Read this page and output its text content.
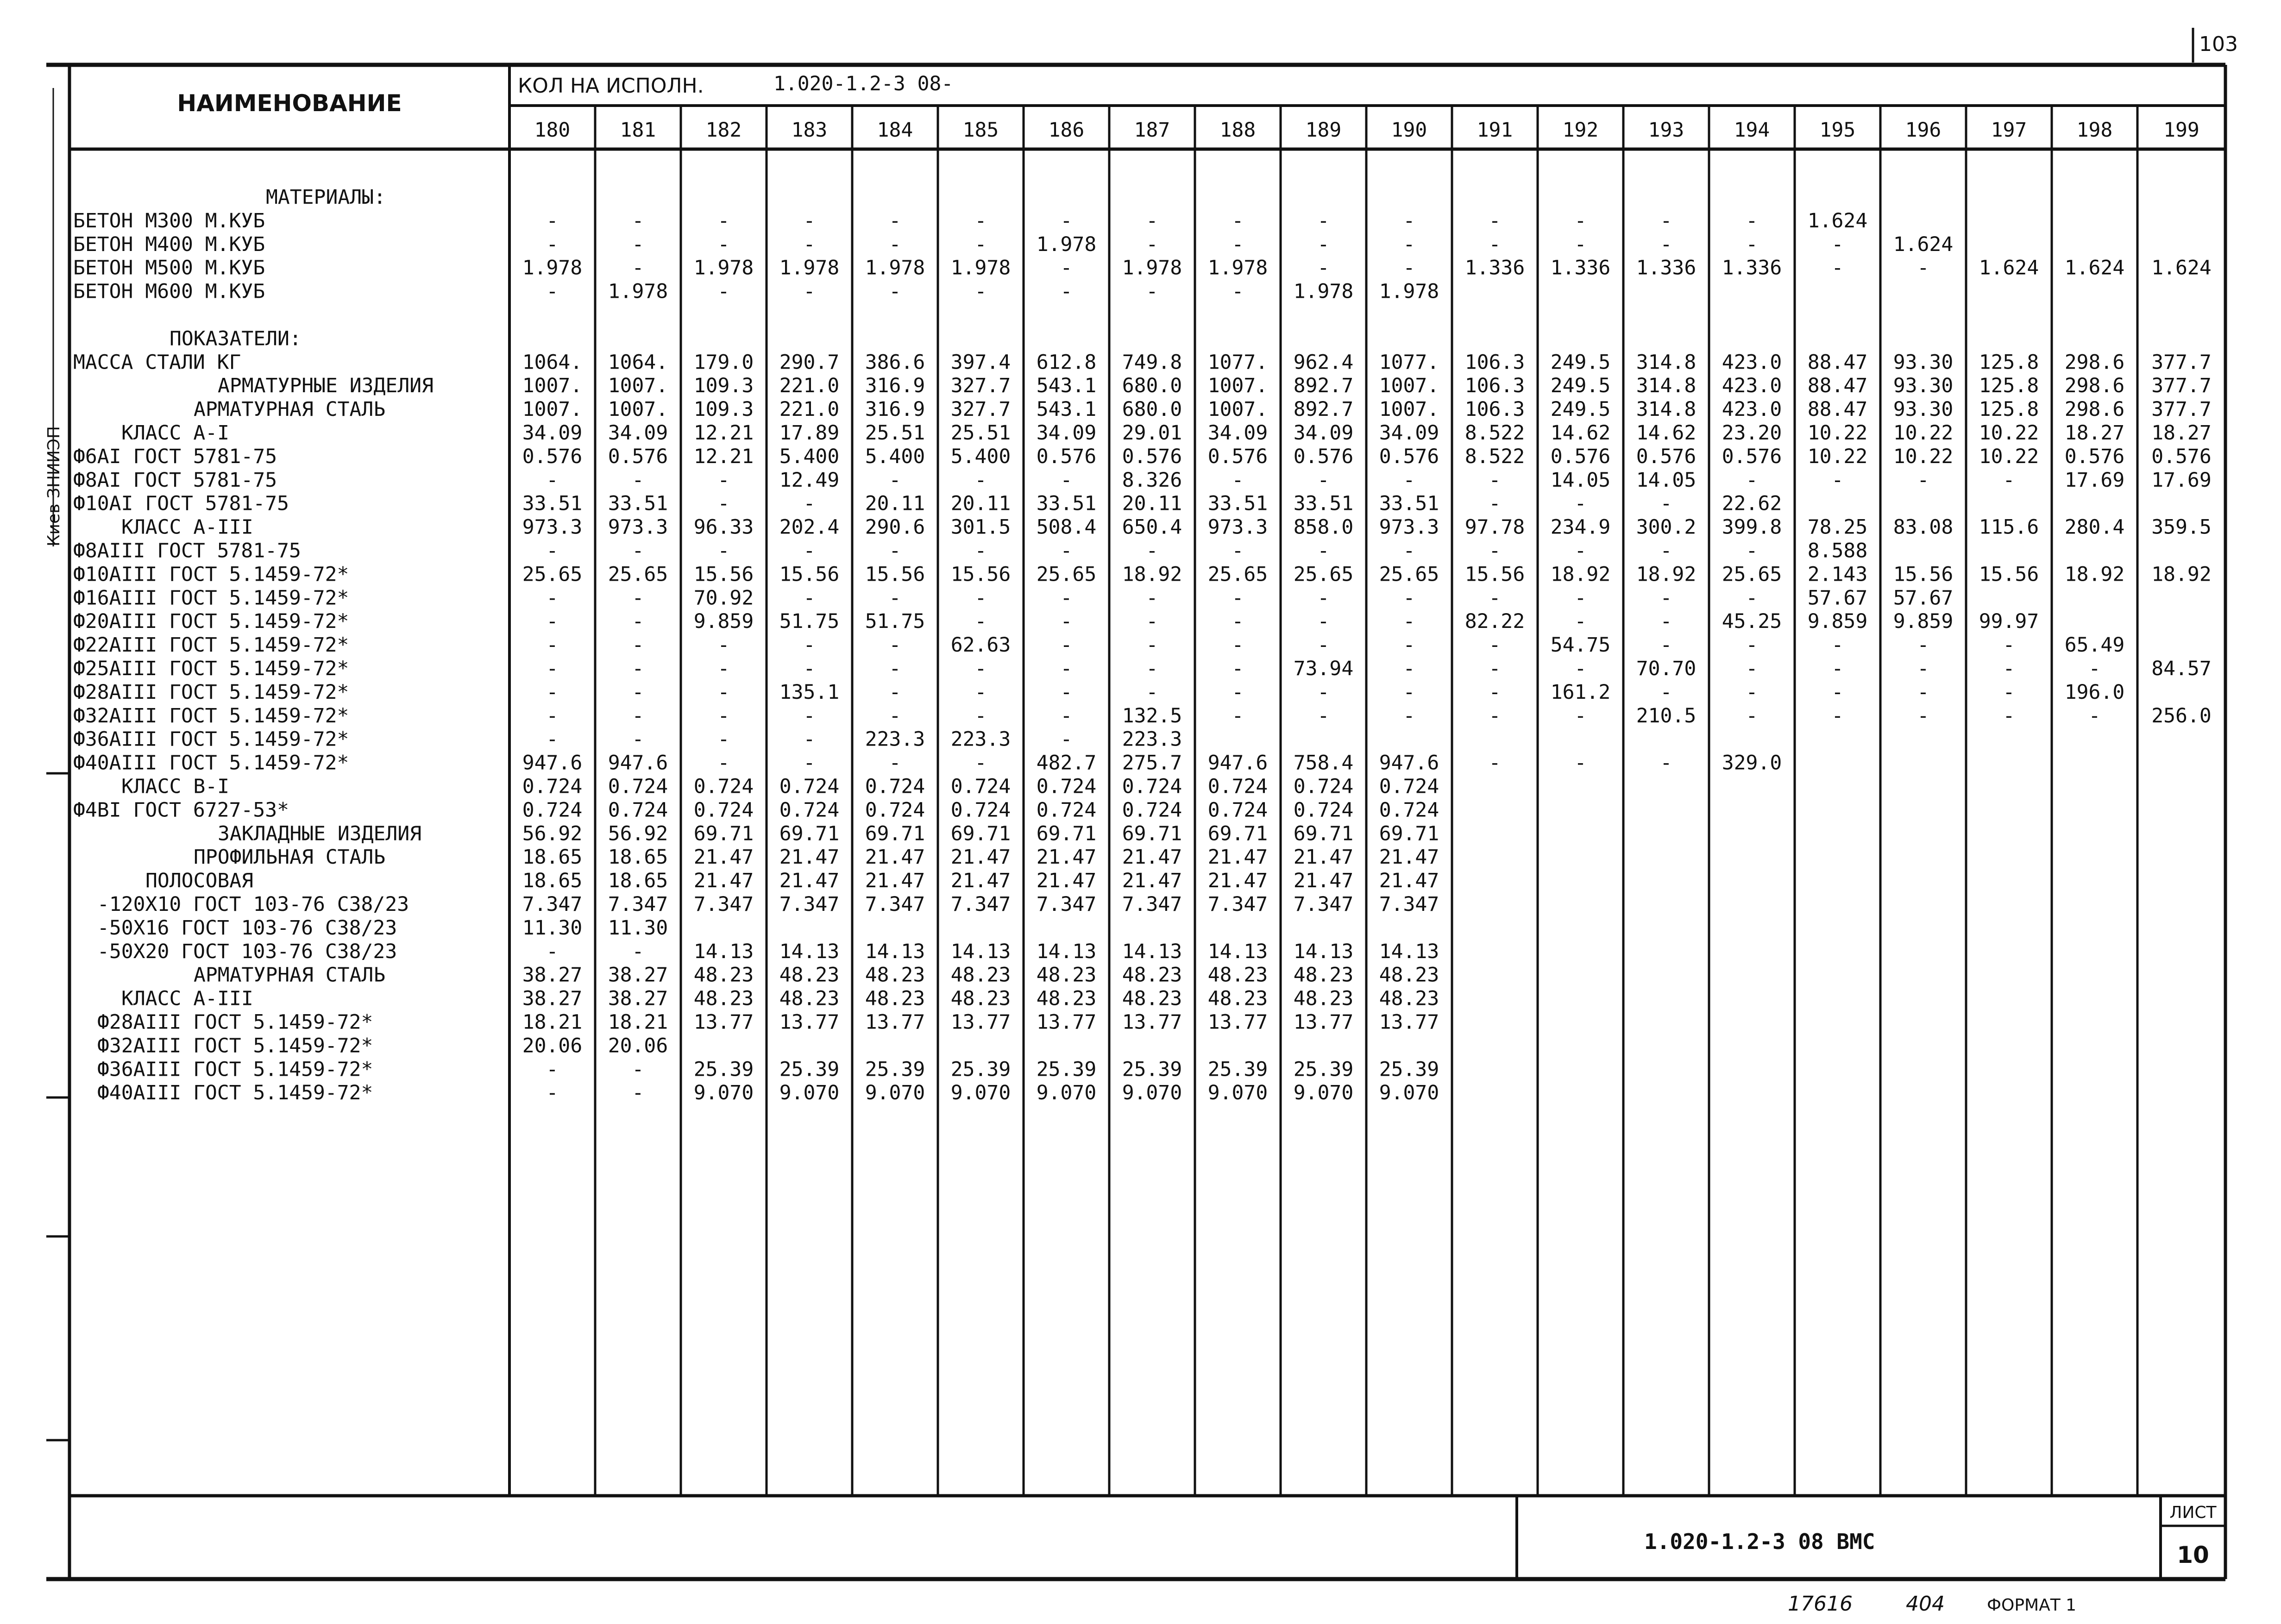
103
Киев ЗНИИЭП
НАИМЕНОВАНИЕ
КОЛ НА ИСПОЛН.	1.020-1.2-3 08-
180 181 182 183 184 185 186 187 188 189 190 191 192 193 194 195 196 197 198	199
МАТЕРИАЛЫ:
БЕТОН М300 М.КУБ	-	-	-	-	-	-	-	-	-	-	-	-	-	-	- 1.624
БЕТОН М400 М.КУБ	-	-	-	-	-	- 1.978 -	-	-	-	-	-	-	-	- 1.624
БЕТОН М500 М.КУБ	1.978 - 1.978 1.978 1.978 1.978 - 1.978 1.978 -	- 1.336 1.336 1.336 1.336 -	- 1.624 1.624 1.624
БЕТОН М600 М.КУБ	- 1.978 -	-	-	-	-	-	- 1.978 1.978
ПОКАЗАТЕЛИ:
МАССА СТАЛИ КГ	1064. 1064. 179.0 290.7 386.6 397.4 612.8 749.8 1077. 962.4 1077. 106.3 249.5 314.8 423.0 88.47 93.30 125.8 298.6 377.7
АРМАТУРНЫЕ ИЗДЕЛИЯ	1007. 1007. 109.3 221.0 316.9 327.7 543.1 680.0 1007. 892.7 1007. 106.3 249.5 314.8 423.0 88.47 93.30 125.8 298.6 377.7
АРМАТУРНАЯ СТАЛЬ	1007. 1007. 109.3 221.0 316.9 327.7 543.1 680.0 1007. 892.7 1007. 106.3 249.5 314.8 423.0 88.47 93.30 125.8 298.6 377.7
КЛАСС А-I	34.09 34.09 12.21 17.89 25.51 25.51 34.09 29.01 34.09 34.09 34.09 8.522 14.62 14.62 23.20 10.22 10.22 10.22 18.27 18.27
Ф6АI ГОСТ 5781-75	0.576 0.576 12.21 5.400 5.400 5.400 0.576 0.576 0.576 0.576 0.576 8.522 0.576 0.576 0.576 10.22 10.22 10.22 0.576 0.576
Ф8АI ГОСТ 5781-75	-	-	- 12.49 -	-	- 8.326 -	-	-	- 14.05 14.05 -	-	-	- 17.69 17.69
Ф10АI ГОСТ 5781-75	33.51 33.51 -	- 20.11 20.11 33.51 20.11 33.51 33.51 33.51 -	-	- 22.62
КЛАСС А-III	973.3 973.3 96.33 202.4 290.6 301.5 508.4 650.4 973.3 858.0 973.3 97.78 234.9 300.2 399.8 78.25 83.08 115.6 280.4 359.5
Ф8АIII ГОСТ 5781-75	-	-	-	-	-	-	-	-	-	-	-	-	-	-	- 8.588
Ф10АIII ГОСТ 5.1459-72*	25.65 25.65 15.56 15.56 15.56 15.56 25.65 18.92 25.65 25.65 25.65 15.56 18.92 18.92 25.65 2.143 15.56 15.56 18.92 18.92
Ф16АIII ГОСТ 5.1459-72*	-	- 70.92 -	-	-	-	-	-	-	-	-	-	-	- 57.67 57.67
Ф20АIII ГОСТ 5.1459-72*	-	- 9.859 51.75 51.75 -	-	-	-	-	- 82.22 -	- 45.25 9.859 9.859 99.97
Ф22АIII ГОСТ 5.1459-72*	-	-	-	-	- 62.63 -	-	-	-	-	- 54.75 -	-	-	-	- 65.49
Ф25АIII ГОСТ 5.1459-72*	-	-	-	-	-	-	-	-	- 73.94 -	-	- 70.70 -	-	-	-	-	84.57
Ф28АIII ГОСТ 5.1459-72*	-	-	- 135.1 -	-	-	-	-	-	-	- 161.2 -	-	-	-	- 196.0
Ф32АIII ГОСТ 5.1459-72*	-	-	-	-	-	-	- 132.5 -	-	-	-	- 210.5 -	-	-	-	-	256.0
Ф36АIII ГОСТ 5.1459-72*	-	-	-	- 223.3 223.3 - 223.3
Ф40АIII ГОСТ 5.1459-72*	947.6 947.6 -	-	-	- 482.7 275.7 947.6 758.4 947.6 -	-	- 329.0
КЛАСС В-I	0.724 0.724 0.724 0.724 0.724 0.724 0.724 0.724 0.724 0.724 0.724
Ф4ВI ГОСТ 6727-53*	0.724 0.724 0.724 0.724 0.724 0.724 0.724 0.724 0.724 0.724 0.724
ЗАКЛАДНЫЕ ИЗДЕЛИЯ	56.92 56.92 69.71 69.71 69.71 69.71 69.71 69.71 69.71 69.71 69.71
ПРОФИЛЬНАЯ СТАЛЬ	18.65 18.65 21.47 21.47 21.47 21.47 21.47 21.47 21.47 21.47 21.47
ПОЛОСОВАЯ	18.65 18.65 21.47 21.47 21.47 21.47 21.47 21.47 21.47 21.47 21.47
-120Х10 ГОСТ 103-76 С38/23	7.347 7.347 7.347 7.347 7.347 7.347 7.347 7.347 7.347 7.347 7.347
-50Х16 ГОСТ 103-76 С38/23	11.30 11.30
-50Х20 ГОСТ 103-76 С38/23	-	- 14.13 14.13 14.13 14.13 14.13 14.13 14.13 14.13 14.13
АРМАТУРНАЯ СТАЛЬ	38.27 38.27 48.23 48.23 48.23 48.23 48.23 48.23 48.23 48.23 48.23
КЛАСС А-III	38.27 38.27 48.23 48.23 48.23 48.23 48.23 48.23 48.23 48.23 48.23
Ф28АIII ГОСТ 5.1459-72*	18.21 18.21 13.77 13.77 13.77 13.77 13.77 13.77 13.77 13.77 13.77
Ф32АIII ГОСТ 5.1459-72*	20.06 20.06
Ф36АIII ГОСТ 5.1459-72*	-	- 25.39 25.39 25.39 25.39 25.39 25.39 25.39 25.39 25.39
Ф40АIII ГОСТ 5.1459-72*	-	- 9.070 9.070 9.070 9.070 9.070 9.070 9.070 9.070 9.070
1.020-1.2-3 08 ВМС
ЛИСТ
10
17616	404	ФОРМАТ 1
